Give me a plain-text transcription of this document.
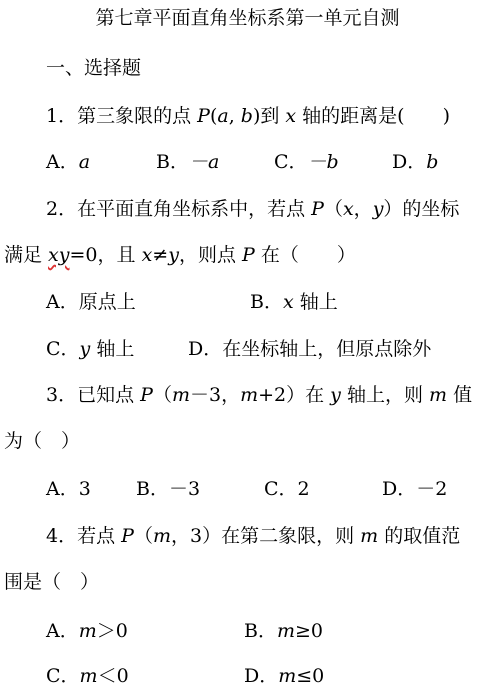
第七章平面直角坐标系第一单元自测
一、选择题
1．第三象限的点 P(a, b)到 x 轴的距离是(　　)
A．a	B．－a	C．－b	D．b
2．在平面直角坐标系中，若点 P（x，y）的坐标
满足 xy=0，且 x≠y，则点 P 在（　　）
A．原点上	B．x 轴上
C．y 轴上	D．在坐标轴上，但原点除外
3．已知点 P（m－3，m+2）在 y 轴上，则 m 值
为（　）
A．3 B．－3	C．2	D．－2
4．若点 P（m，3）在第二象限，则 m 的取值范
围是（　）
A．m＞0	B．m≥0
C．m＜0	D．m≤0
